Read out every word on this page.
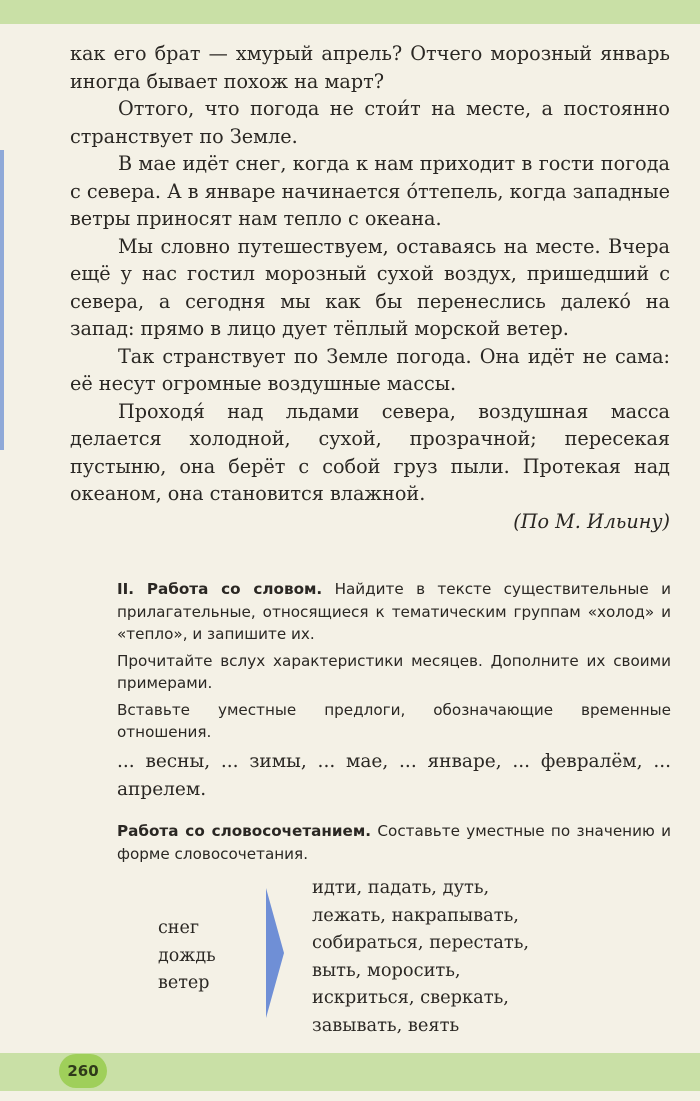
как его брат — хмурый апрель? Отчего морозный январь иногда бывает похож на март?

Оттого, что погода не стои́т на месте, а постоянно странствует по Земле.

В мае идёт снег, когда к нам приходит в гости погода с севера. А в январе начинается о́ттепель, когда западные ветры приносят нам тепло с океана.

Мы словно путешествуем, оставаясь на месте. Вчера ещё у нас гостил морозный сухой воздух, пришедший с севера, а сегодня мы как бы перенеслись далеко́ на запад: прямо в лицо дует тёплый морской ветер.

Так странствует по Земле погода. Она идёт не сама: её несут огромные воздушные массы.

Проходя́ над льдами севера, воздушная масса делается холодной, сухой, прозрачной; пересекая пустыню, она берёт с собой груз пыли. Протекая над океаном, она становится влажной.

(По М. Ильину)

II. Работа со словом. Найдите в тексте существительные и прилагательные, относящиеся к тематическим группам «холод» и «тепло», и запишите их.

Прочитайте вслух характеристики месяцев. Дополните их своими примерами.

Вставьте уместные предлоги, обозначающие временные отношения.

... весны, ... зимы, ... мае, ... январе, ... февралём, ... апрелем.

Работа со словосочетанием. Составьте уместные по значению и форме словосочетания.

снег
дождь
ветер
идти, падать, дуть,
лежать, накрапывать,
собираться, перестать,
выть, моросить,
искриться, сверкать,
завывать, веять
260
